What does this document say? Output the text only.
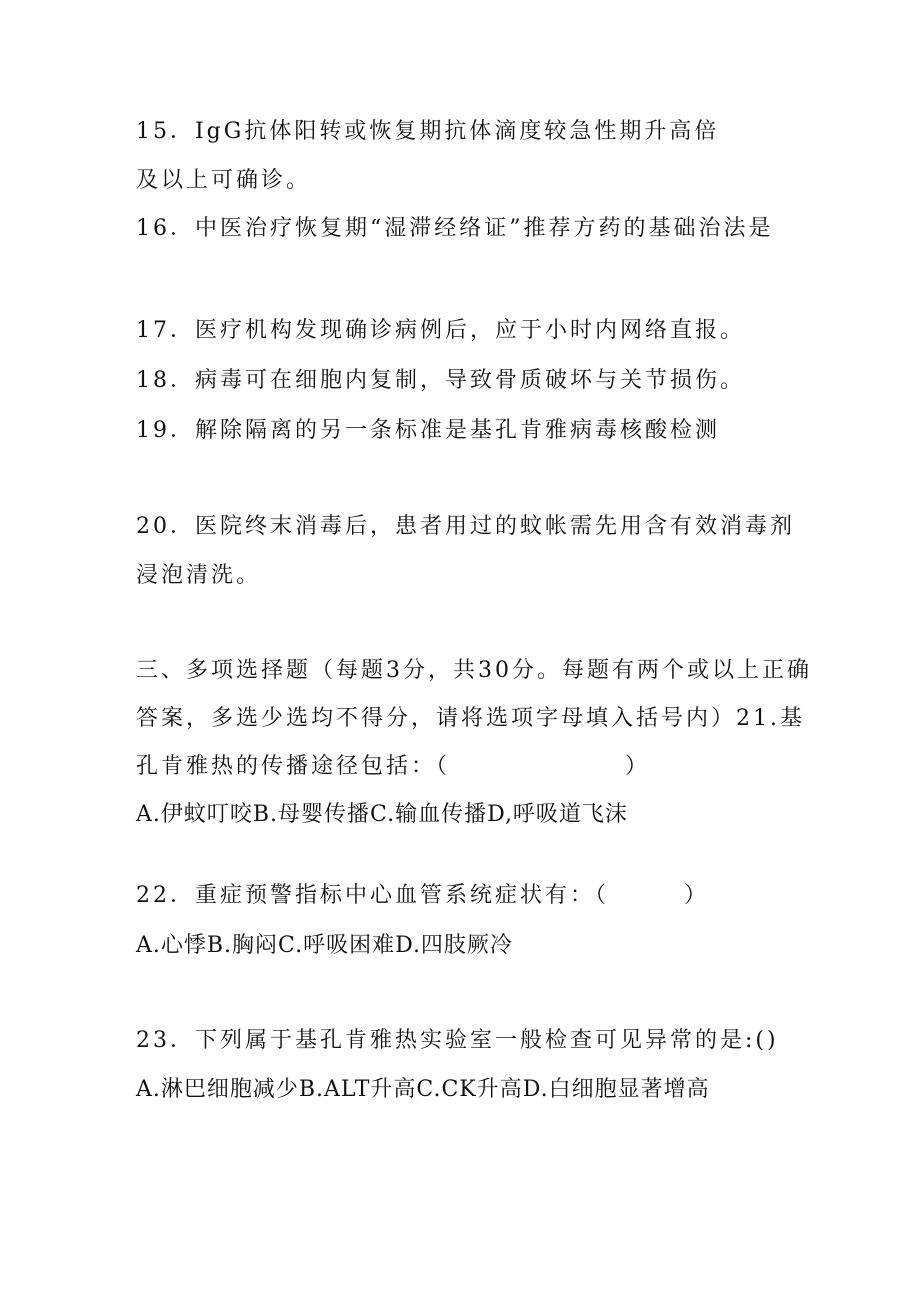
15．IgG抗体阳转或恢复期抗体滴度较急性期升高倍
及以上可确诊。
16．中医治疗恢复期“湿滞经络证”推荐方药的基础治法是
17．医疗机构发现确诊病例后，应于小时内网络直报。
18．病毒可在细胞内复制，导致骨质破坏与关节损伤。
19．解除隔离的另一条标准是基孔肯雅病毒核酸检测
20．医院终末消毒后，患者用过的蚊帐需先用含有效消毒剂
浸泡清洗。
三、多项选择题（每题3分，共30分。每题有两个或以上正确
答案，多选少选均不得分，请将选项字母填入括号内）21.基
孔肯雅热的传播途径包括：（　　　　　　　）
A.伊蚊叮咬B.母婴传播C.输血传播D,呼吸道飞沫
22．重症预警指标中心血管系统症状有：（　　　）
A.心悸B.胸闷C.呼吸困难D.四肢厥冷
23．下列属于基孔肯雅热实验室一般检查可见异常的是:()
A.淋巴细胞减少B.ALT升高C.CK升高D.白细胞显著增高
